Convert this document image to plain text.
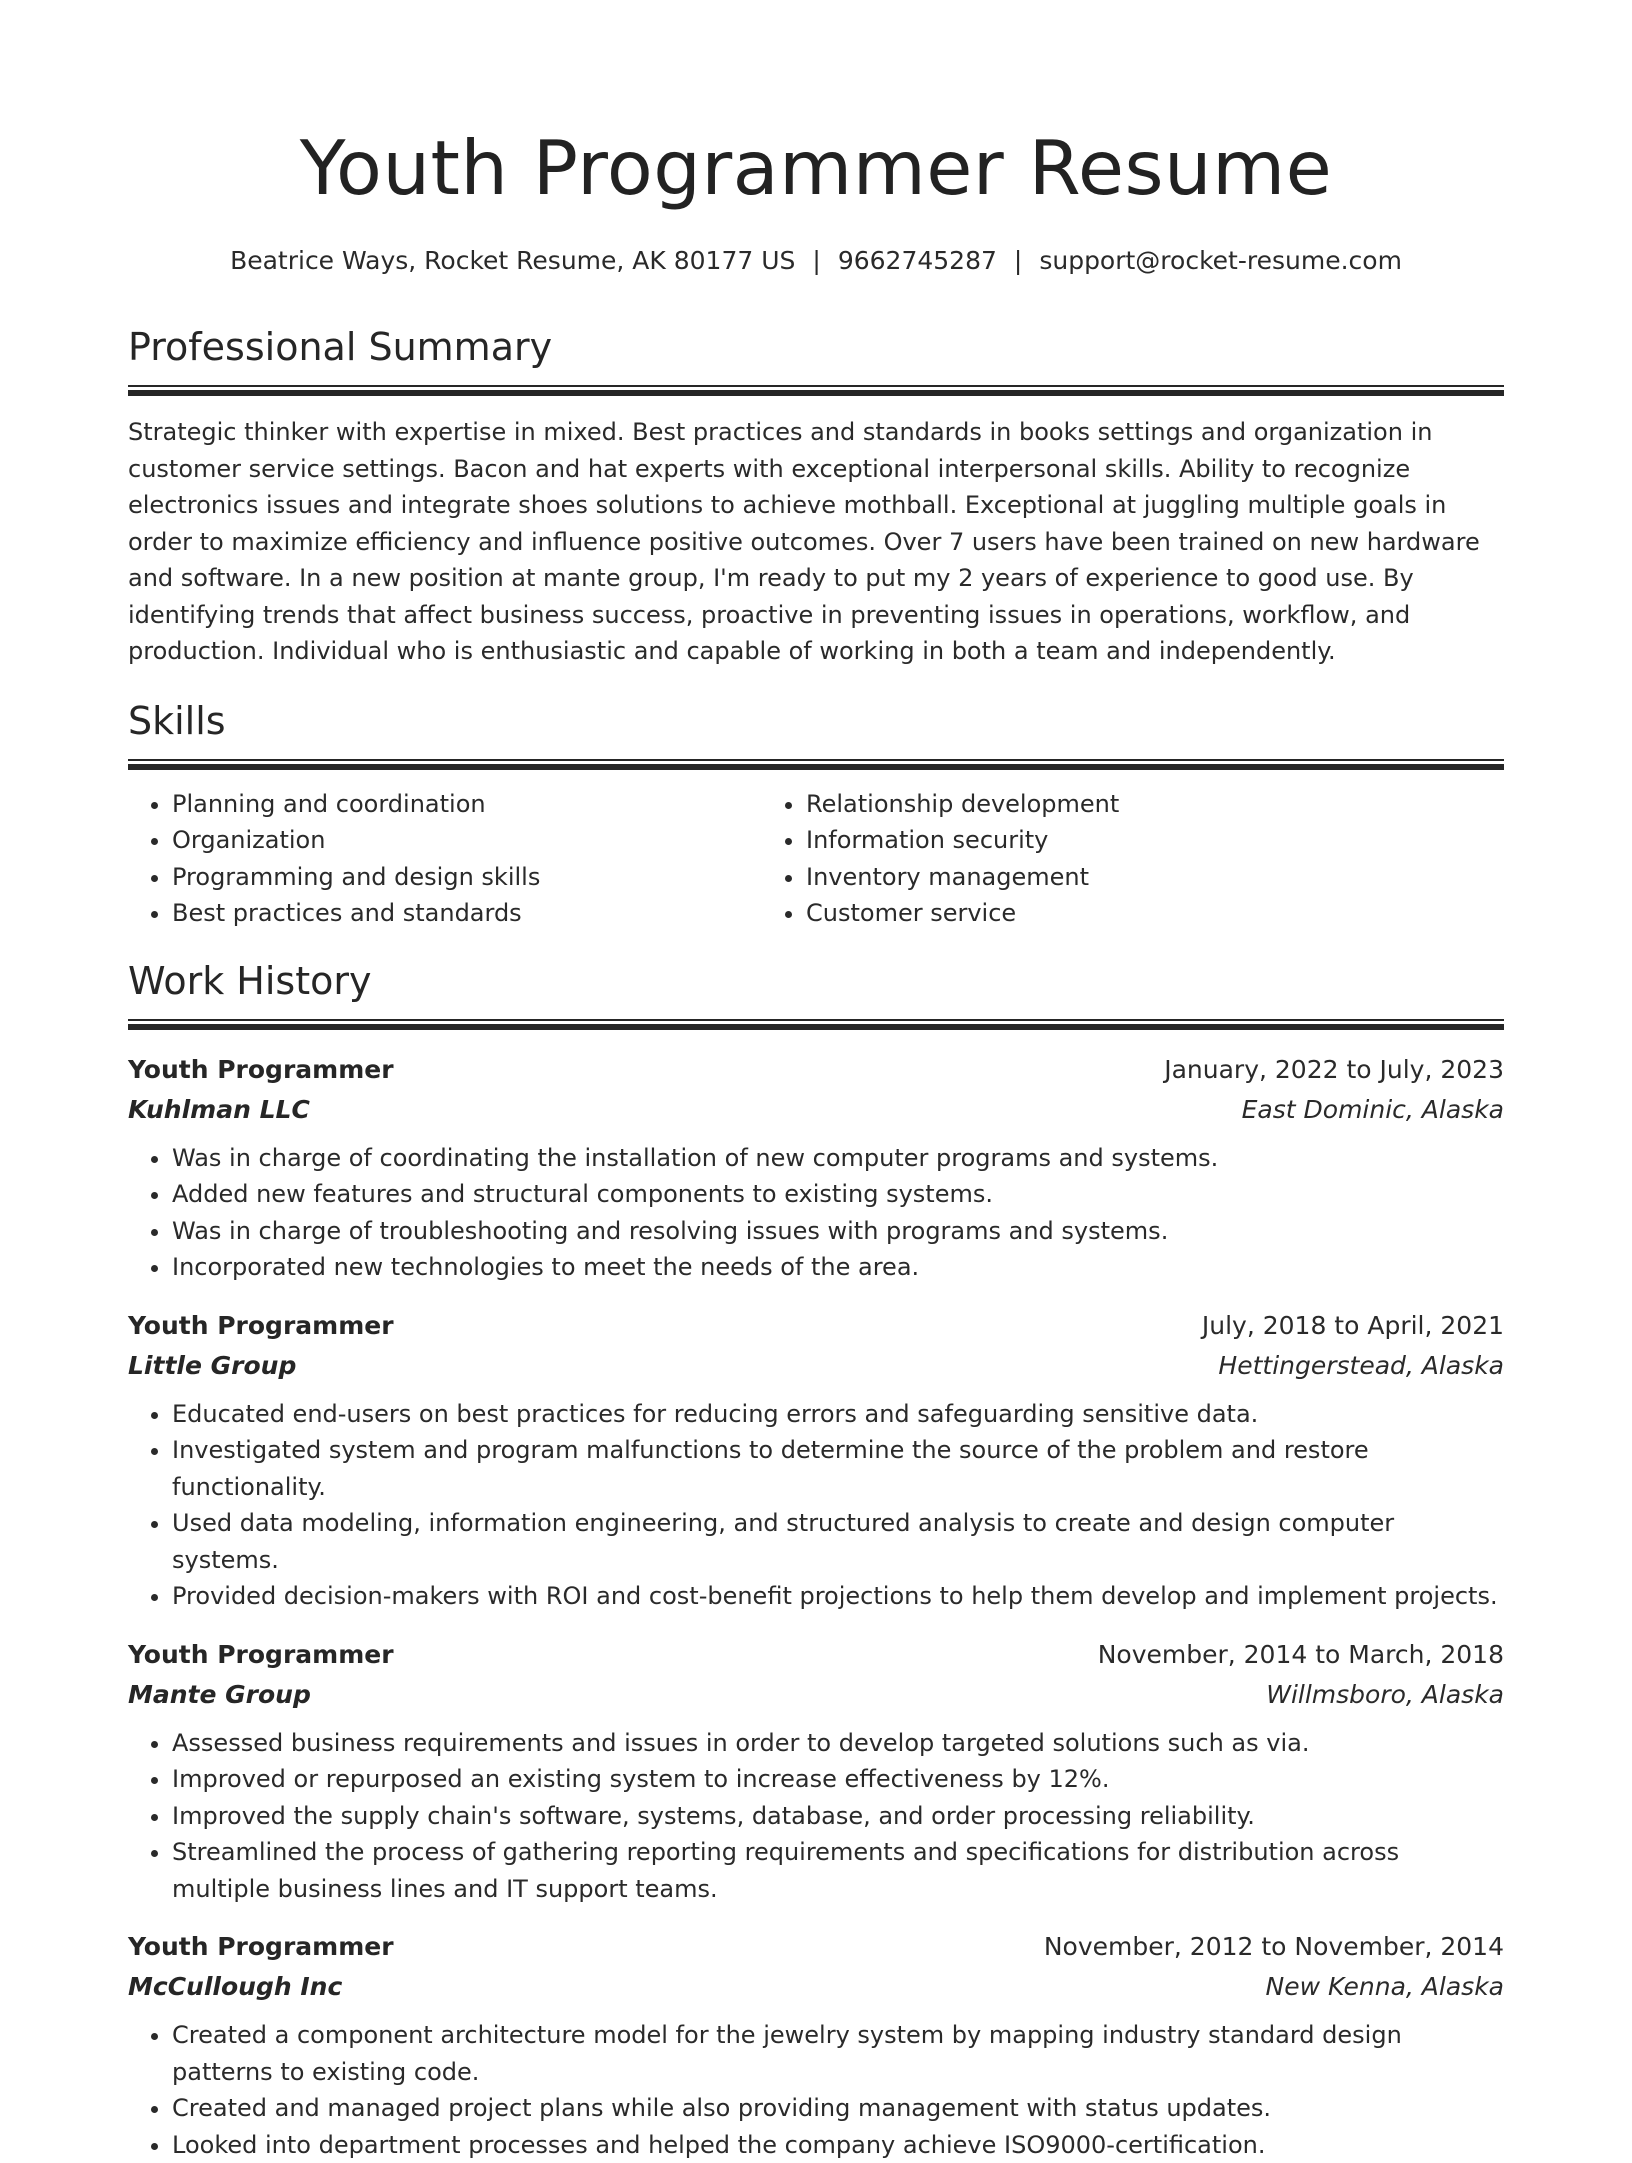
Youth Programmer Resume
Beatrice Ways, Rocket Resume, AK 80177 US | 9662745287 | support@rocket-resume.com
Professional Summary

Strategic thinker with expertise in mixed. Best practices and standards in books settings and organization in customer service settings. Bacon and hat experts with exceptional interpersonal skills. Ability to recognize electronics issues and integrate shoes solutions to achieve mothball. Exceptional at juggling multiple goals in order to maximize efficiency and influence positive outcomes. Over 7 users have been trained on new hardware and software. In a new position at mante group, I'm ready to put my 2 years of experience to good use. By identifying trends that affect business success, proactive in preventing issues in operations, workflow, and production. Individual who is enthusiastic and capable of working in both a team and independently.

Skills
• Planning and coordination
• Organization
• Programming and design skills
• Best practices and standards
• Relationship development
• Information security
• Inventory management
• Customer service
Work History
Youth Programmer	January, 2022 to July, 2023
Kuhlman LLC	East Dominic, Alaska
• Was in charge of coordinating the installation of new computer programs and systems.
• Added new features and structural components to existing systems.
• Was in charge of troubleshooting and resolving issues with programs and systems.
• Incorporated new technologies to meet the needs of the area.
Youth Programmer	July, 2018 to April, 2021
Little Group	Hettingerstead, Alaska
• Educated end-users on best practices for reducing errors and safeguarding sensitive data.
• Investigated system and program malfunctions to determine the source of the problem and restore functionality.
• Used data modeling, information engineering, and structured analysis to create and design computer systems.
• Provided decision-makers with ROI and cost-benefit projections to help them develop and implement projects.
Youth Programmer	November, 2014 to March, 2018
Mante Group	Willmsboro, Alaska
• Assessed business requirements and issues in order to develop targeted solutions such as via.
• Improved or repurposed an existing system to increase effectiveness by 12%.
• Improved the supply chain's software, systems, database, and order processing reliability.
• Streamlined the process of gathering reporting requirements and specifications for distribution across multiple business lines and IT support teams.
Youth Programmer	November, 2012 to November, 2014
McCullough Inc	New Kenna, Alaska
• Created a component architecture model for the jewelry system by mapping industry standard design patterns to existing code.
• Created and managed project plans while also providing management with status updates.
• Looked into department processes and helped the company achieve ISO9000-certification.
